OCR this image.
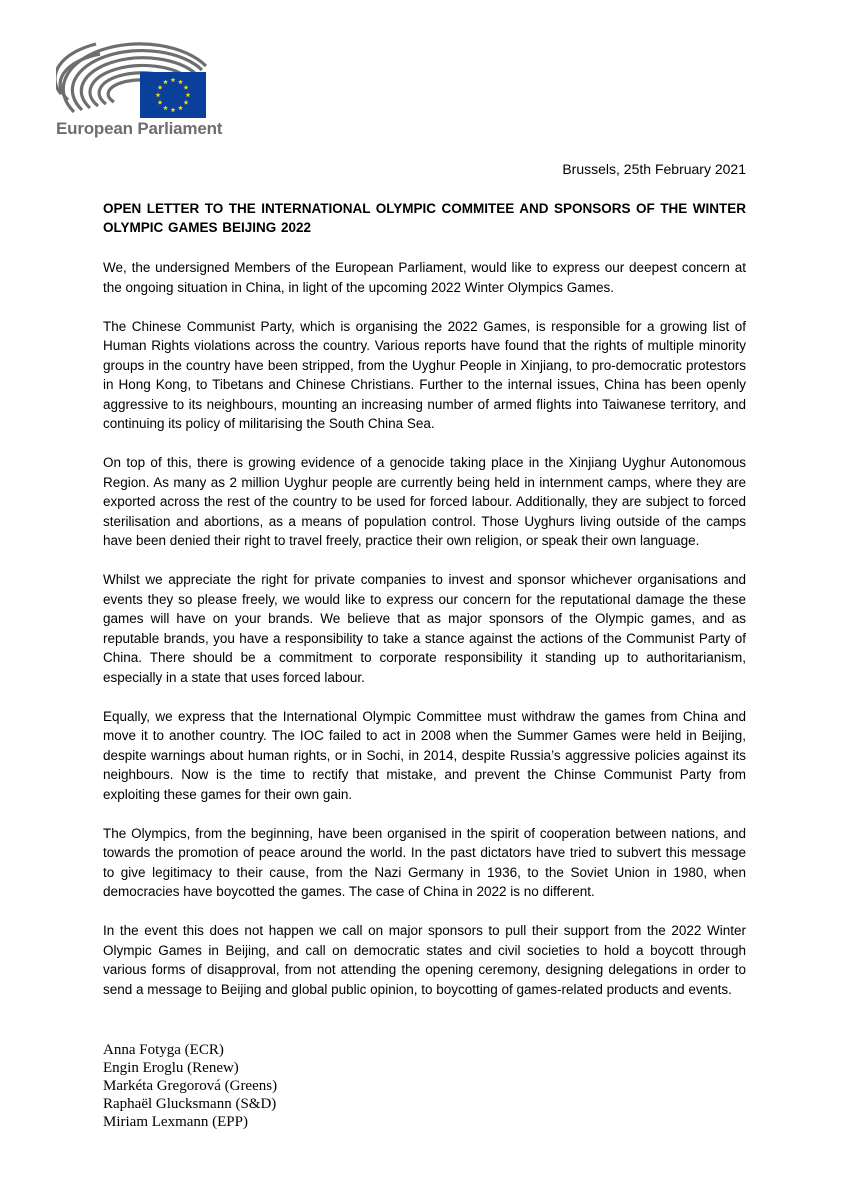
European Parliament
Brussels, 25th February 2021
OPEN LETTER TO THE INTERNATIONAL OLYMPIC COMMITEE AND SPONSORS OF THE WINTER OLYMPIC GAMES BEIJING 2022

We, the undersigned Members of the European Parliament, would like to express our deepest concern at the ongoing situation in China, in light of the upcoming 2022 Winter Olympics Games.

The Chinese Communist Party, which is organising the 2022 Games, is responsible for a growing list of Human Rights violations across the country. Various reports have found that the rights of multiple minority groups in the country have been stripped, from the Uyghur People in Xinjiang, to pro-democratic protestors in Hong Kong, to Tibetans and Chinese Christians. Further to the internal issues, China has been openly aggressive to its neighbours, mounting an increasing number of armed flights into Taiwanese territory, and continuing its policy of militarising the South China Sea.

On top of this, there is growing evidence of a genocide taking place in the Xinjiang Uyghur Autonomous Region. As many as 2 million Uyghur people are currently being held in internment camps, where they are exported across the rest of the country to be used for forced labour. Additionally, they are subject to forced sterilisation and abortions, as a means of population control. Those Uyghurs living outside of the camps have been denied their right to travel freely, practice their own religion, or speak their own language.

Whilst we appreciate the right for private companies to invest and sponsor whichever organisations and events they so please freely, we would like to express our concern for the reputational damage the these games will have on your brands. We believe that as major sponsors of the Olympic games, and as reputable brands, you have a responsibility to take a stance against the actions of the Communist Party of China. There should be a commitment to corporate responsibility it standing up to authoritarianism, especially in a state that uses forced labour.

Equally, we express that the International Olympic Committee must withdraw the games from China and move it to another country. The IOC failed to act in 2008 when the Summer Games were held in Beijing, despite warnings about human rights, or in Sochi, in 2014, despite Russia’s aggressive policies against its neighbours. Now is the time to rectify that mistake, and prevent the Chinse Communist Party from exploiting these games for their own gain.

The Olympics, from the beginning, have been organised in the spirit of cooperation between nations, and towards the promotion of peace around the world. In the past dictators have tried to subvert this message to give legitimacy to their cause, from the Nazi Germany in 1936, to the Soviet Union in 1980, when democracies have boycotted the games. The case of China in 2022 is no different.

In the event this does not happen we call on major sponsors to pull their support from the 2022 Winter Olympic Games in Beijing, and call on democratic states and civil societies to hold a boycott through various forms of disapproval, from not attending the opening ceremony, designing delegations in order to send a message to Beijing and global public opinion, to boycotting of games-related products and events.

Anna Fotyga (ECR)
Engin Eroglu (Renew)
Markéta Gregorová (Greens)
Raphaël Glucksmann (S&D)
Miriam Lexmann (EPP)
